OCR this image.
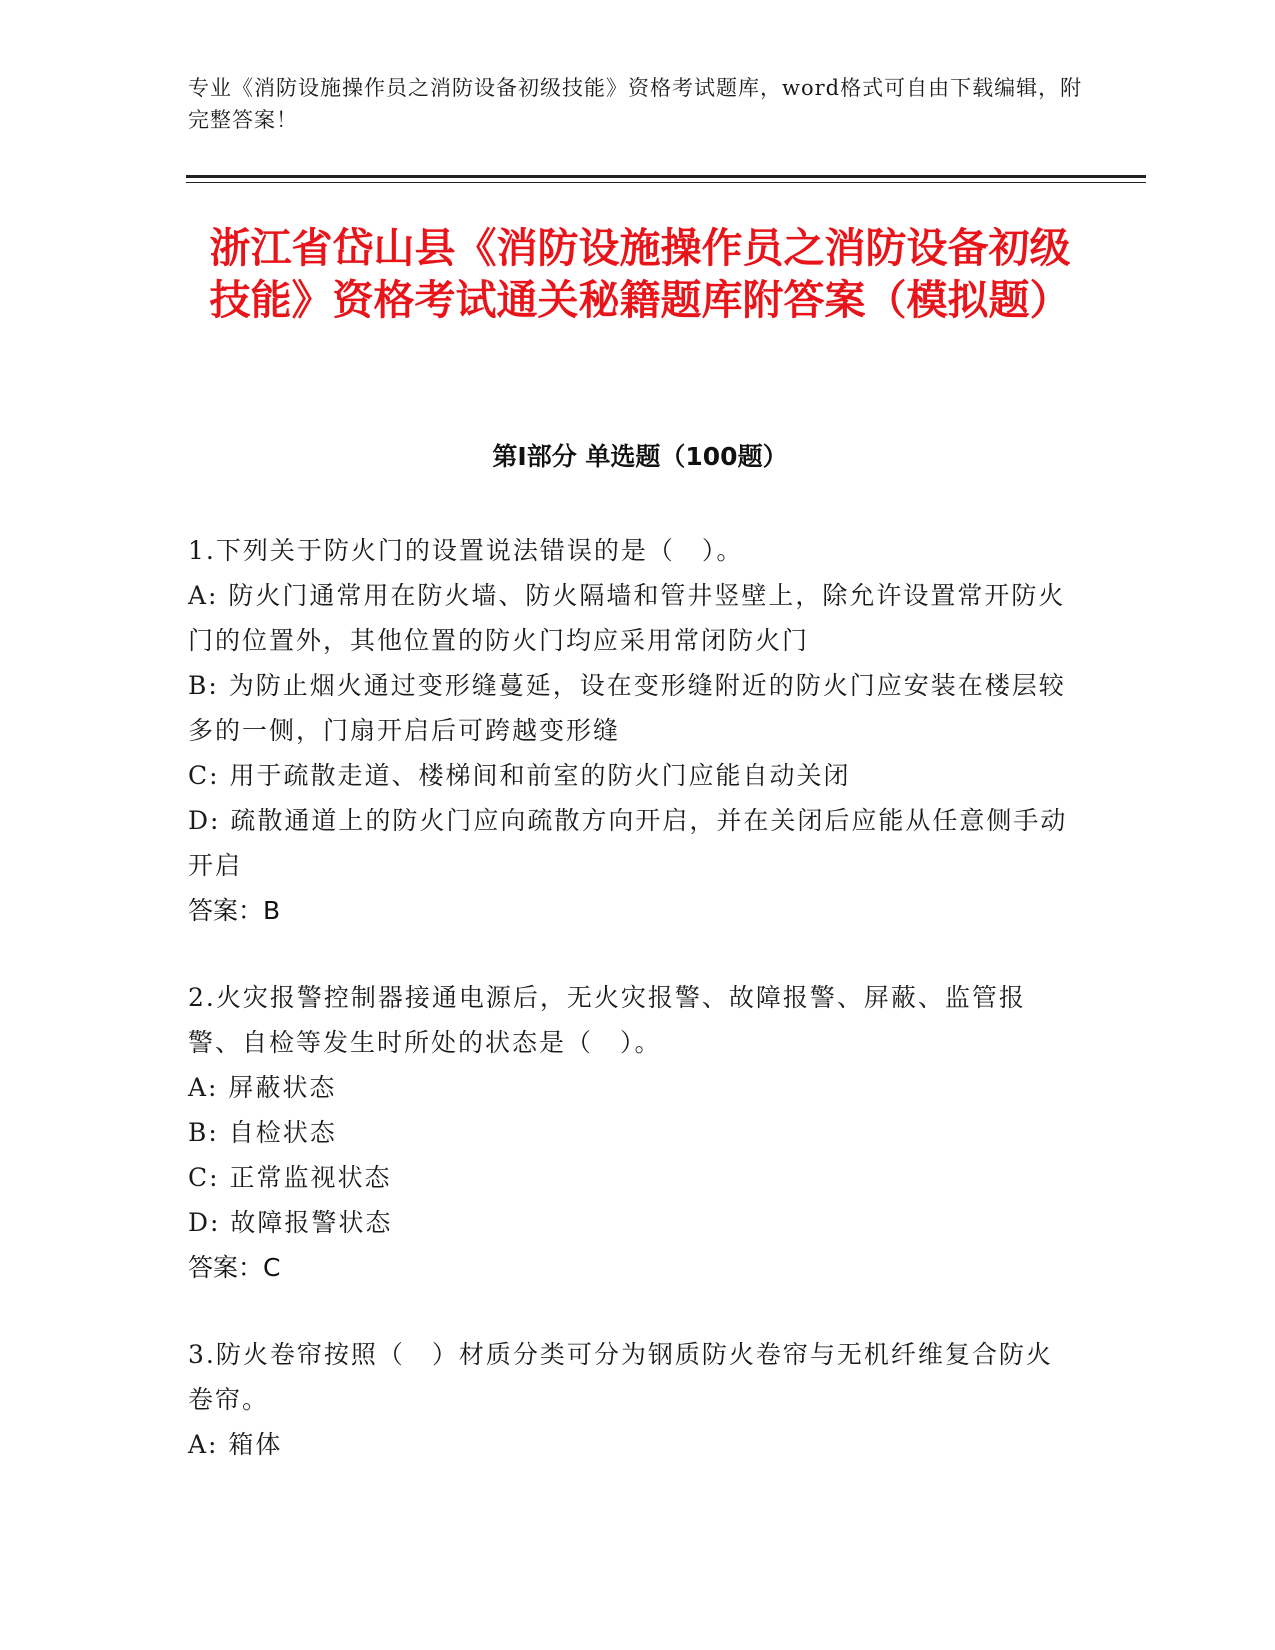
专业《消防设施操作员之消防设备初级技能》资格考试题库，word格式可自由下载编辑，附完整答案！
浙江省岱山县《消防设施操作员之消防设备初级技能》资格考试通关秘籍题库附答案（模拟题）
第I部分 单选题（100题）
1.下列关于防火门的设置说法错误的是（　）。
A: 防火门通常用在防火墙、防火隔墙和管井竖壁上，除允许设置常开防火门的位置外，其他位置的防火门均应采用常闭防火门
B: 为防止烟火通过变形缝蔓延，设在变形缝附近的防火门应安装在楼层较多的一侧，门扇开启后可跨越变形缝
C: 用于疏散走道、楼梯间和前室的防火门应能自动关闭
D: 疏散通道上的防火门应向疏散方向开启，并在关闭后应能从任意侧手动开启
答案：B
2.火灾报警控制器接通电源后，无火灾报警、故障报警、屏蔽、监管报警、自检等发生时所处的状态是（　）。
A: 屏蔽状态
B: 自检状态
C: 正常监视状态
D: 故障报警状态
答案：C
3.防火卷帘按照（　）材质分类可分为钢质防火卷帘与无机纤维复合防火卷帘。
A: 箱体
